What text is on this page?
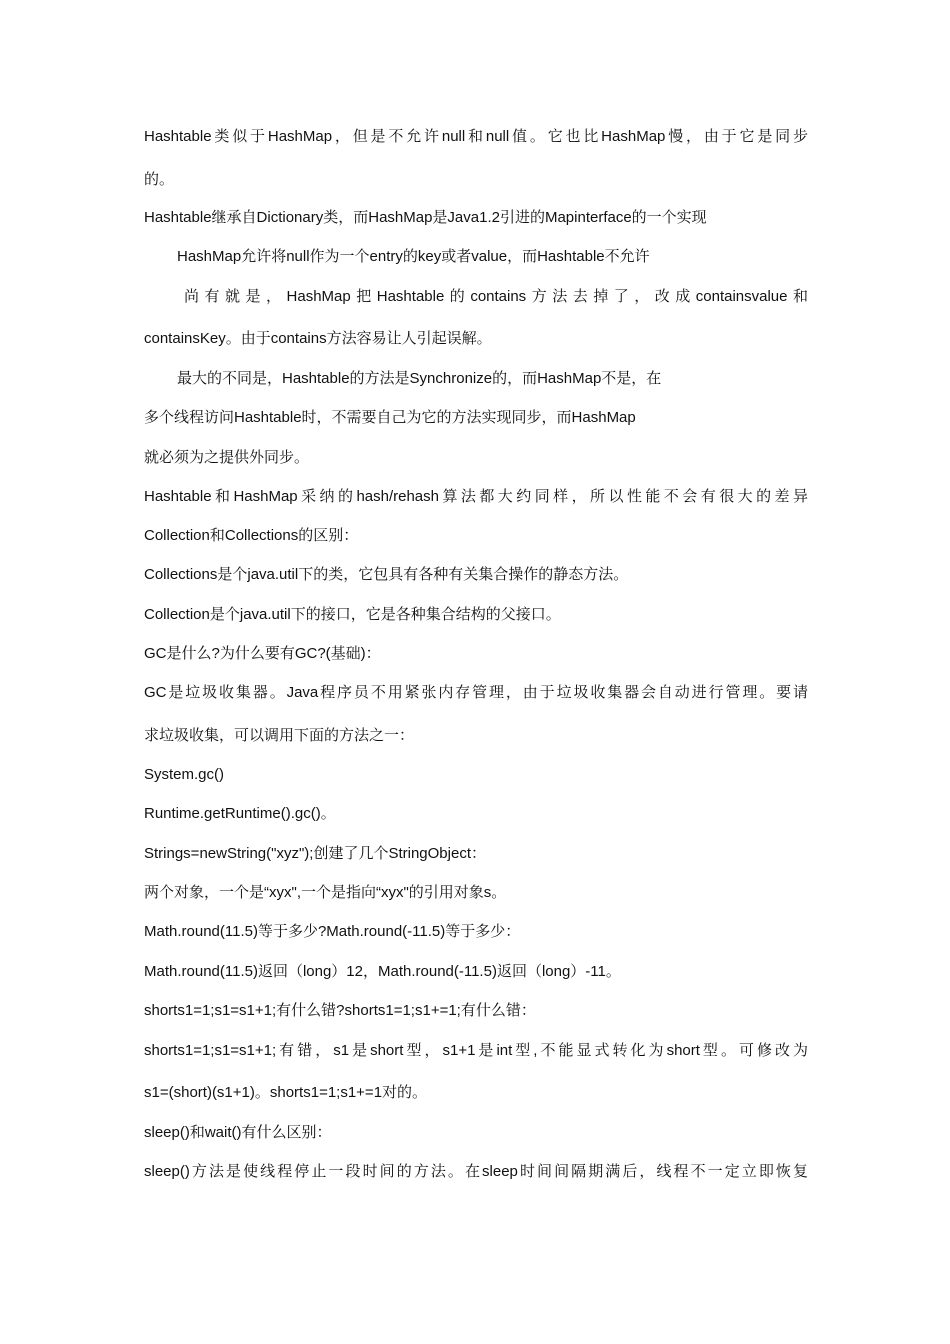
Hashtable类似于HashMap，但是不允许null和null值。它也比HashMap慢，由于它是同步
的。
Hashtable继承自Dictionary类，而HashMap是Java1.2引进的Mapinterface的一个实现
HashMap允许将null作为一个entry的key或者value，而Hashtable不允许
尚有就是，HashMap把Hashtable的contains方法去掉了，改成containsvalue和
containsKey。由于contains方法容易让人引起误解。
最大的不同是，Hashtable的方法是Synchronize的，而HashMap不是，在
多个线程访问Hashtable时，不需要自己为它的方法实现同步，而HashMap
就必须为之提供外同步。
Hashtable和HashMap采纳的hash/rehash算法都大约同样，所以性能不会有很大的差异
Collection和Collections的区别：
Collections是个java.util下的类，它包具有各种有关集合操作的静态方法。
Collection是个java.util下的接口，它是各种集合结构的父接口。
GC是什么?为什么要有GC?(基础)：
GC是垃圾收集器。Java程序员不用紧张内存管理，由于垃圾收集器会自动进行管理。要请
求垃圾收集，可以调用下面的方法之一：
System.gc()
Runtime.getRuntime().gc()。
Strings=newString("xyz");创建了几个StringObject：
两个对象，一个是“xyx",一个是指向“xyx"的引用对象s。
Math.round(11.5)等于多少?Math.round(-11.5)等于多少：
Math.round(11.5)返回（long）12，Math.round(-11.5)返回（long）-11。
shorts1=1;s1=s1+1;有什么错?shorts1=1;s1+=1;有什么错：
shorts1=1;s1=s1+1;有错，s1是short型，s1+1是int型,不能显式转化为short型。可修改为
s1=(short)(s1+1)。shorts1=1;s1+=1对的。
sleep()和wait()有什么区别：
sleep()方法是使线程停止一段时间的方法。在sleep时间间隔期满后，线程不一定立即恢复
